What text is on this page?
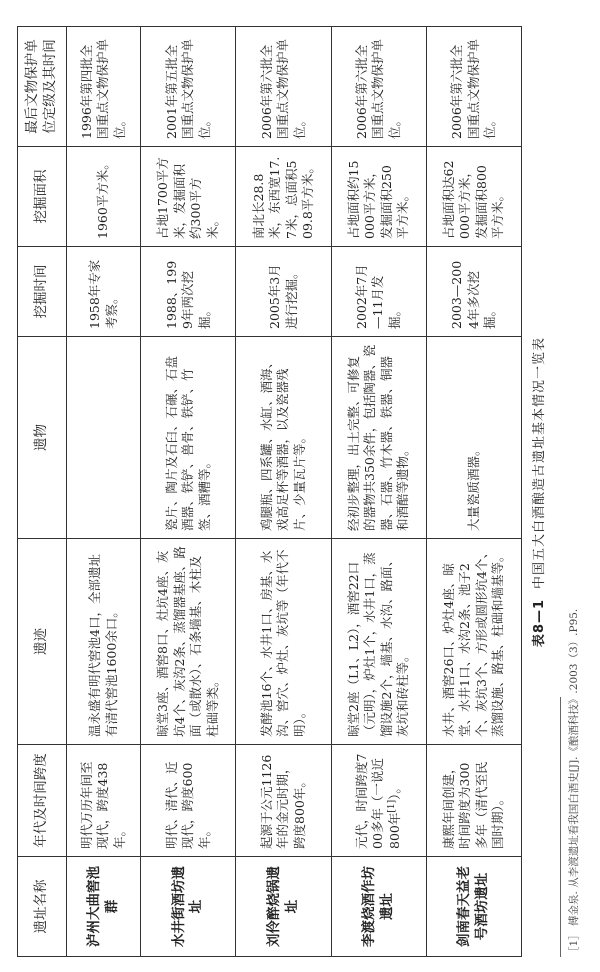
遗址名称	年代及时间跨度	遗迹	遗物	挖掘时间	挖掘面积	最后文物保护单位定级及其时间
泸州大曲窖池群	明代万历年间至现代，跨度438年。	温永盛有明代窖池4口，全部遗址有清代窖池1600余口。		1958年专家考察。	1960平方米。	1996年第四批全国重点文物保护单位。
水井街酒坊遗址	明代、清代、近现代，跨度600年。	晾堂3座、酒窖8口、灶坑4座、灰坑4个、灰沟2条、蒸馏器基座、路面（或散水）、石条墙基、木柱及柱础等类。	瓷片、陶片及石臼、石碾、石盘酒器、铁铲、兽骨、铁铲、竹签、酒糟等。	1988、1999年两次挖掘。	占地1700平方米，发掘面积约300平方米。	2001年第五批全国重点文物保护单位。
刘伶醉烧锅遗址	起源于公元1126年的金元时期，跨度800年。	发酵池16个、水井1口、房基、水沟、窖穴、炉灶、灰坑等（年代不明）。	鸡腿瓶、四系罐、水缸、酒海、戏高足杯等酒器，以及瓷器残片、少量瓦片等。	2005年3月进行挖掘。	南北长28.8米，东西宽17.7米，总面积509.8平方米。	2006年第六批全国重点文物保护单位。
李渡烧酒作坊遗址	元代，时间跨度700多年（一说近800年[1]）。	晾堂2座（L1、L2），酒窖22口（元明），炉灶1个，水井1口，蒸馏设施2个，墙基、水沟、路面、灰坑和砖柱等。	经初步整理，出土完整、可修复的器物共350余件，包括陶器、瓷器、石器、竹木器、铁器、铜器和酒醅等遗物。	2002年7月—11月发掘。	占地面积约15000平方米，发掘面积250平方米。	2006年第六批全国重点文物保护单位。
剑南春天益老号酒坊遗址	康熙年间创建，时间跨度为300多年（清代至民国时期）。	水井、酒窖26口、炉灶4座、晾堂、水井1口、水沟2条、池子2个、灰坑3个、方形或圆形坑4个、蒸馏设施、路基、柱础和墙基等。	大量瓷质酒器。	2003—2004年多次挖掘。	占地面积达62000平方米，发掘面积800平方米。	2006年第六批全国重点文物保护单位。
表8—1中国五大白酒酿造古遗址基本情况一览表
［1］ 傅金泉. 从李渡遗址看我国白酒史[J].《酿酒科技》.2003（3）.P95.
